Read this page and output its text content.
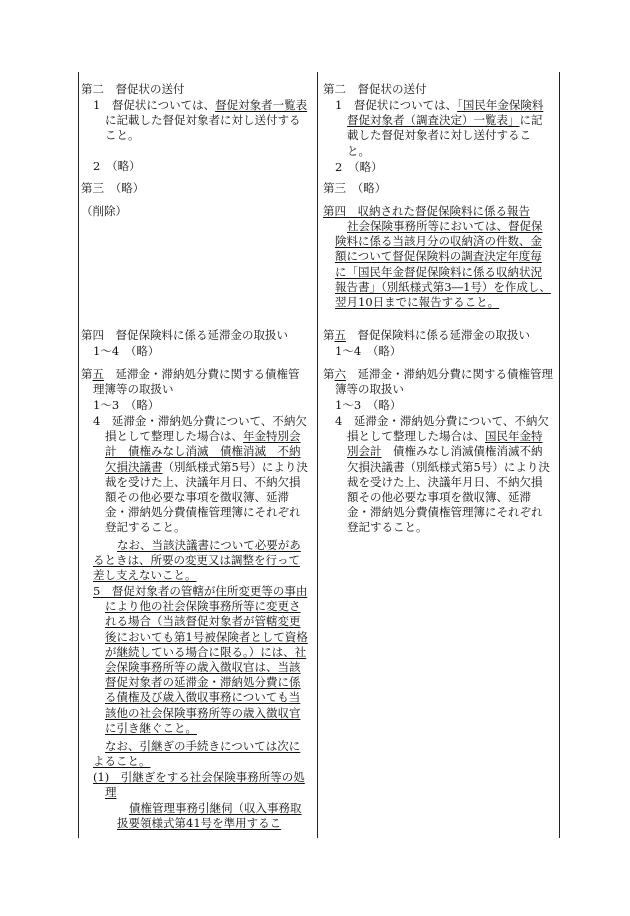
第二　督促状の送付

1　督促状については、督促対象者一覧表に記載した督促対象者に対し送付すること。

2　（略）

第三　（略）

（削除）

第四　督促保険料に係る延滞金の取扱い

1～4　（略）

第五　延滞金・滞納処分費に関する債権管理簿等の取扱い

1～3　（略）

4　延滞金・滞納処分費について、不納欠損として整理した場合は、年金特別会計　債権みなし消滅　債権消滅　不納欠損決議書（別紙様式第5号）により決裁を受けた上、決議年月日、不納欠損額その他必要な事項を徴収簿、延滞金・滞納処分費債権管理簿にそれぞれ登記すること。

なお、当該決議書について必要があるときは、所要の変更又は調整を行って差し支えないこと。

5　督促対象者の管轄が住所変更等の事由により他の社会保険事務所等に変更される場合（当該督促対象者が管轄変更後においても第1号被保険者として資格が継続している場合に限る。）には、社会保険事務所等の歳入徴収官は、当該督促対象者の延滞金・滞納処分費に係る債権及び歳入徴収事務についても当該他の社会保険事務所等の歳入徴収官に引き継ぐこと。

なお、引継ぎの手続きについては次によること。

(1)　引継ぎをする社会保険事務所等の処理

債権管理事務引継伺（収入事務取扱要領様式第41号を準用するこ

第二　督促状の送付

1　督促状については、「国民年金保険料督促対象者（調査決定）一覧表」に記載した督促対象者に対し送付すること。

2　（略）

第三　（略）

第四　収納された督促保険料に係る報告

社会保険事務所等においては、督促保険料に係る当該月分の収納済の件数、金額について督促保険料の調査決定年度毎に「国民年金督促保険料に係る収納状況報告書」（別紙様式第3―1号）を作成し、翌月10日までに報告すること。

第五　督促保険料に係る延滞金の取扱い

1～4　（略）

第六　延滞金・滞納処分費に関する債権管理簿等の取扱い

1～3　（略）

4　延滞金・滞納処分費について、不納欠損として整理した場合は、国民年金特別会計　債権みなし消滅債権消滅不納欠損決議書（別紙様式第5号）により決裁を受けた上、決議年月日、不納欠損額その他必要な事項を徴収簿、延滞金・滞納処分費債権管理簿にそれぞれ登記すること。
